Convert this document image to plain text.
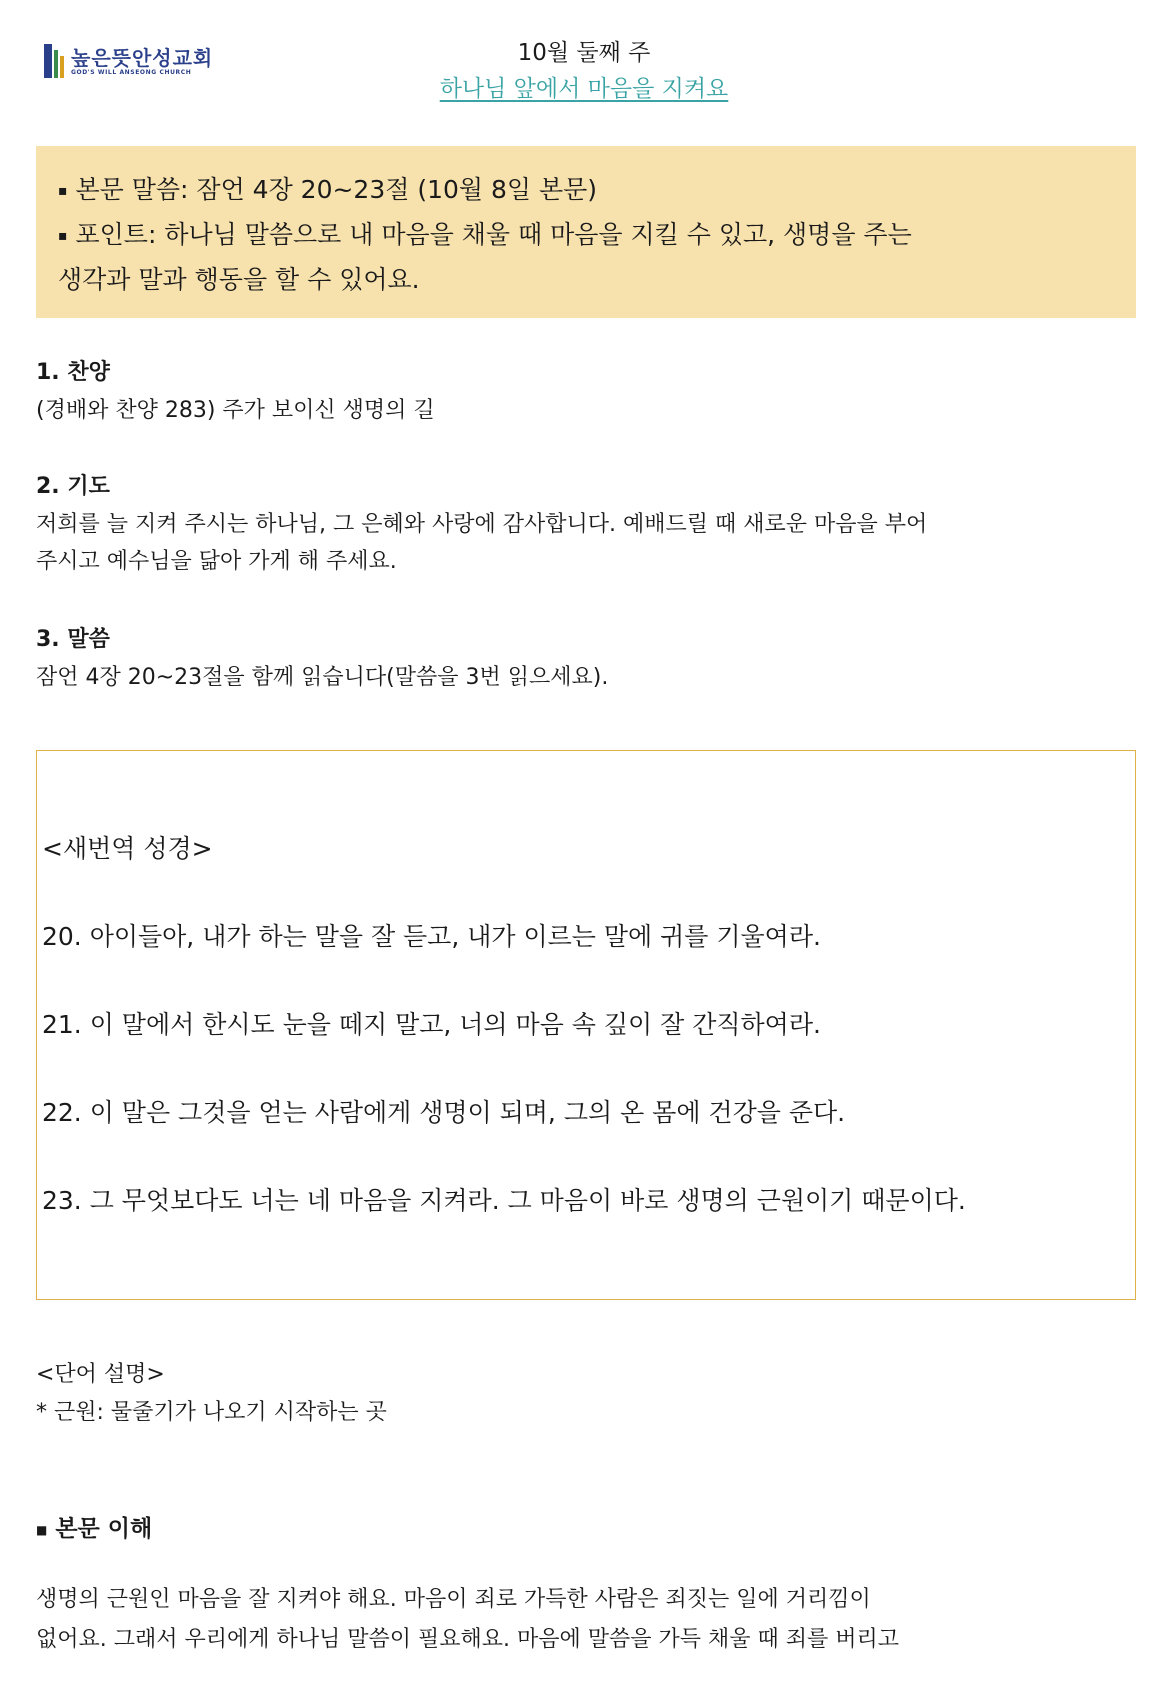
높은뜻안성교회
GOD'S WILL ANSEONG CHURCH
10월 둘째 주
하나님 앞에서 마음을 지켜요

▪ 본문 말씀: 잠언 4장 20~23절 (10월 8일 본문)

▪ 포인트: 하나님 말씀으로 내 마음을 채울 때 마음을 지킬 수 있고, 생명을 주는

생각과 말과 행동을 할 수 있어요.

1. 찬양
(경배와 찬양 283) 주가 보이신 생명의 길
2. 기도

저희를 늘 지켜 주시는 하나님, 그 은혜와 사랑에 감사합니다. 예배드릴 때 새로운 마음을 부어

주시고 예수님을 닮아 가게 해 주세요.

3. 말씀
잠언 4장 20~23절을 함께 읽습니다(말씀을 3번 읽으세요).
<새번역 성경>
20. 아이들아, 내가 하는 말을 잘 듣고, 내가 이르는 말에 귀를 기울여라.
21. 이 말에서 한시도 눈을 떼지 말고, 너의 마음 속 깊이 잘 간직하여라.
22. 이 말은 그것을 얻는 사람에게 생명이 되며, 그의 온 몸에 건강을 준다.
23. 그 무엇보다도 너는 네 마음을 지켜라. 그 마음이 바로 생명의 근원이기 때문이다.

<단어 설명>

* 근원: 물줄기가 나오기 시작하는 곳

■ 본문 이해

생명의 근원인 마음을 잘 지켜야 해요. 마음이 죄로 가득한 사람은 죄짓는 일에 거리낌이

없어요. 그래서 우리에게 하나님 말씀이 필요해요. 마음에 말씀을 가득 채울 때 죄를 버리고
